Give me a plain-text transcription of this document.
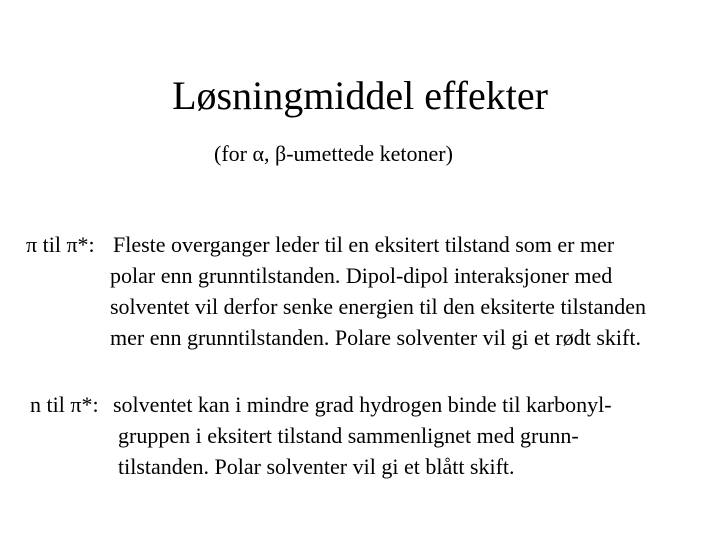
Løsningmiddel effekter
(for α, β-umettede ketoner)
π til π*: Fleste overganger leder til en eksitert tilstand som er mer
polar enn grunntilstanden. Dipol-dipol interaksjoner med
solventet vil derfor senke energien til den eksiterte tilstanden
mer enn grunntilstanden. Polare solventer vil gi et rødt skift.
n til π*: solventet kan i mindre grad hydrogen binde til karbonyl-
gruppen i eksitert tilstand sammenlignet med grunn-
tilstanden. Polar solventer vil gi et blått skift.
